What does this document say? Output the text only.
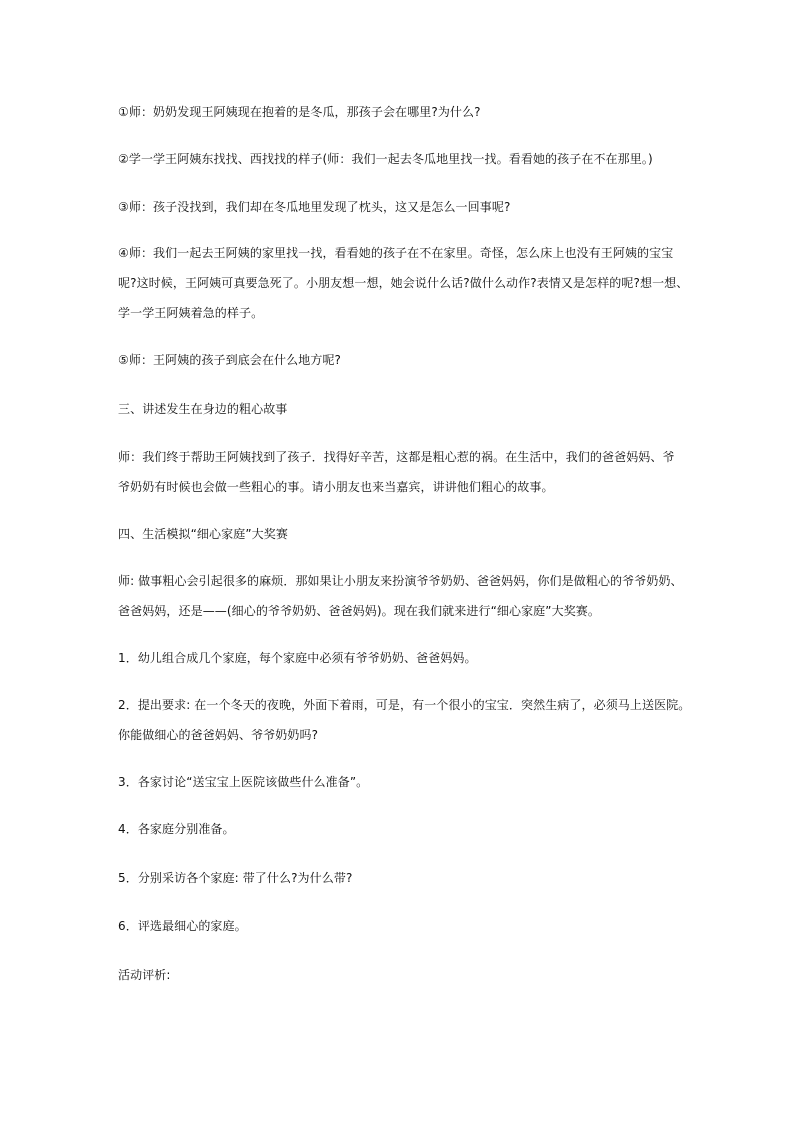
①师：奶奶发现王阿姨现在抱着的是冬瓜，那孩子会在哪里?为什么?
②学一学王阿姨东找找、西找找的样子(师：我们一起去冬瓜地里找一找。看看她的孩子在不在那里。)
③师：孩子没找到，我们却在冬瓜地里发现了枕头，这又是怎么一回事呢?
④师：我们一起去王阿姨的家里找一找，看看她的孩子在不在家里。奇怪，怎么床上也没有王阿姨的宝宝
呢?这时候，王阿姨可真要急死了。小朋友想一想，她会说什么话?做什么动作?表情又是怎样的呢?想一想、
学一学王阿姨着急的样子。
⑤师：王阿姨的孩子到底会在什么地方呢?
三、讲述发生在身边的粗心故事
师：我们终于帮助王阿姨找到了孩子．找得好辛苦，这都是粗心惹的祸。在生活中，我们的爸爸妈妈、爷
爷奶奶有时候也会做一些粗心的事。请小朋友也来当嘉宾，讲讲他们粗心的故事。
四、生活模拟“细心家庭”大奖赛
师: 做事粗心会引起很多的麻烦．那如果让小朋友来扮演爷爷奶奶、爸爸妈妈，你们是做粗心的爷爷奶奶、
爸爸妈妈，还是——(细心的爷爷奶奶、爸爸妈妈)。现在我们就来进行“细心家庭”大奖赛。
1．幼儿组合成几个家庭，每个家庭中必须有爷爷奶奶、爸爸妈妈。
2．提出要求: 在一个冬天的夜晚，外面下着雨，可是，有一个很小的宝宝．突然生病了，必须马上送医院。
你能做细心的爸爸妈妈、爷爷奶奶吗?
3．各家讨论“送宝宝上医院该做些什么准备”。
4．各家庭分别准备。
5．分别采访各个家庭: 带了什么?为什么带?
6．评选最细心的家庭。
活动评析:
